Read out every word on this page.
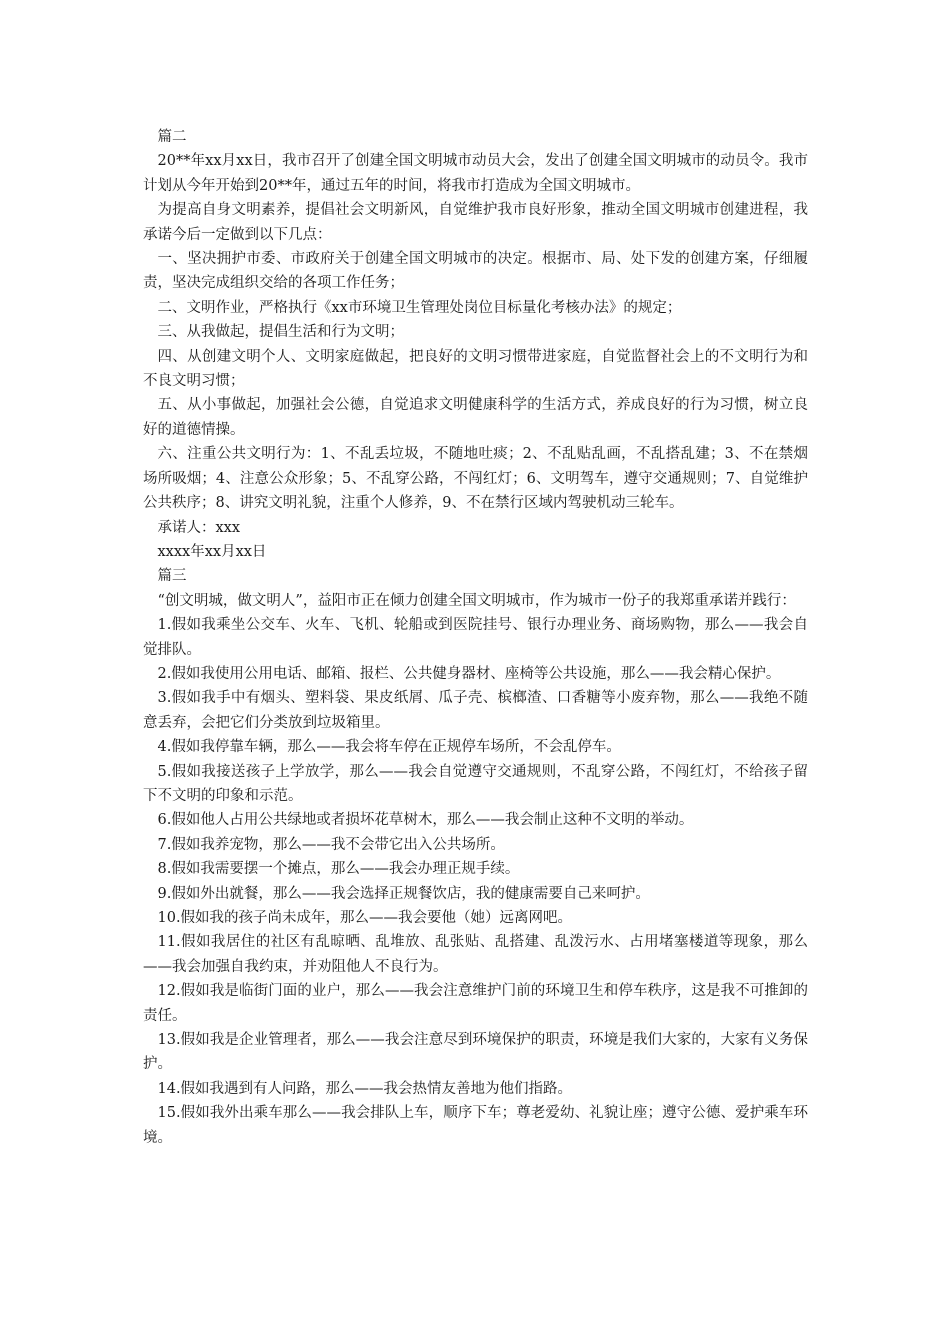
篇二

20**年xx月xx日，我市召开了创建全国文明城市动员大会，发出了创建全国文明城市的动员令。我市计划从今年开始到20**年，通过五年的时间，将我市打造成为全国文明城市。

为提高自身文明素养，提倡社会文明新风，自觉维护我市良好形象，推动全国文明城市创建进程，我承诺今后一定做到以下几点：

一、坚决拥护市委、市政府关于创建全国文明城市的决定。根据市、局、处下发的创建方案，仔细履责，坚决完成组织交给的各项工作任务；

二、文明作业，严格执行《xx市环境卫生管理处岗位目标量化考核办法》的规定；

三、从我做起，提倡生活和行为文明；

四、从创建文明个人、文明家庭做起，把良好的文明习惯带进家庭，自觉监督社会上的不文明行为和不良文明习惯；

五、从小事做起，加强社会公德，自觉追求文明健康科学的生活方式，养成良好的行为习惯，树立良好的道德情操。

六、注重公共文明行为：1、不乱丢垃圾，不随地吐痰；2、不乱贴乱画，不乱搭乱建；3、不在禁烟场所吸烟；4、注意公众形象；5、不乱穿公路，不闯红灯；6、文明驾车，遵守交通规则；7、自觉维护公共秩序；8、讲究文明礼貌，注重个人修养，9、不在禁行区域内驾驶机动三轮车。

承诺人：xxx

xxxx年xx月xx日

篇三

“创文明城，做文明人”，益阳市正在倾力创建全国文明城市，作为城市一份子的我郑重承诺并践行：

1.假如我乘坐公交车、火车、飞机、轮船或到医院挂号、银行办理业务、商场购物，那么——我会自觉排队。

2.假如我使用公用电话、邮箱、报栏、公共健身器材、座椅等公共设施，那么——我会精心保护。

3.假如我手中有烟头、塑料袋、果皮纸屑、瓜子壳、槟榔渣、口香糖等小废弃物，那么——我绝不随意丢弃，会把它们分类放到垃圾箱里。

4.假如我停靠车辆，那么——我会将车停在正规停车场所，不会乱停车。

5.假如我接送孩子上学放学，那么——我会自觉遵守交通规则，不乱穿公路，不闯红灯，不给孩子留下不文明的印象和示范。

6.假如他人占用公共绿地或者损坏花草树木，那么——我会制止这种不文明的举动。

7.假如我养宠物，那么——我不会带它出入公共场所。

8.假如我需要摆一个摊点，那么——我会办理正规手续。

9.假如外出就餐，那么——我会选择正规餐饮店，我的健康需要自己来呵护。

10.假如我的孩子尚未成年，那么——我会要他（她）远离网吧。

11.假如我居住的社区有乱晾晒、乱堆放、乱张贴、乱搭建、乱泼污水、占用堵塞楼道等现象，那么——我会加强自我约束，并劝阻他人不良行为。

12.假如我是临街门面的业户，那么——我会注意维护门前的环境卫生和停车秩序，这是我不可推卸的责任。

13.假如我是企业管理者，那么——我会注意尽到环境保护的职责，环境是我们大家的，大家有义务保护。

14.假如我遇到有人问路，那么——我会热情友善地为他们指路。

15.假如我外出乘车那么——我会排队上车，顺序下车；尊老爱幼、礼貌让座；遵守公德、爱护乘车环境。
